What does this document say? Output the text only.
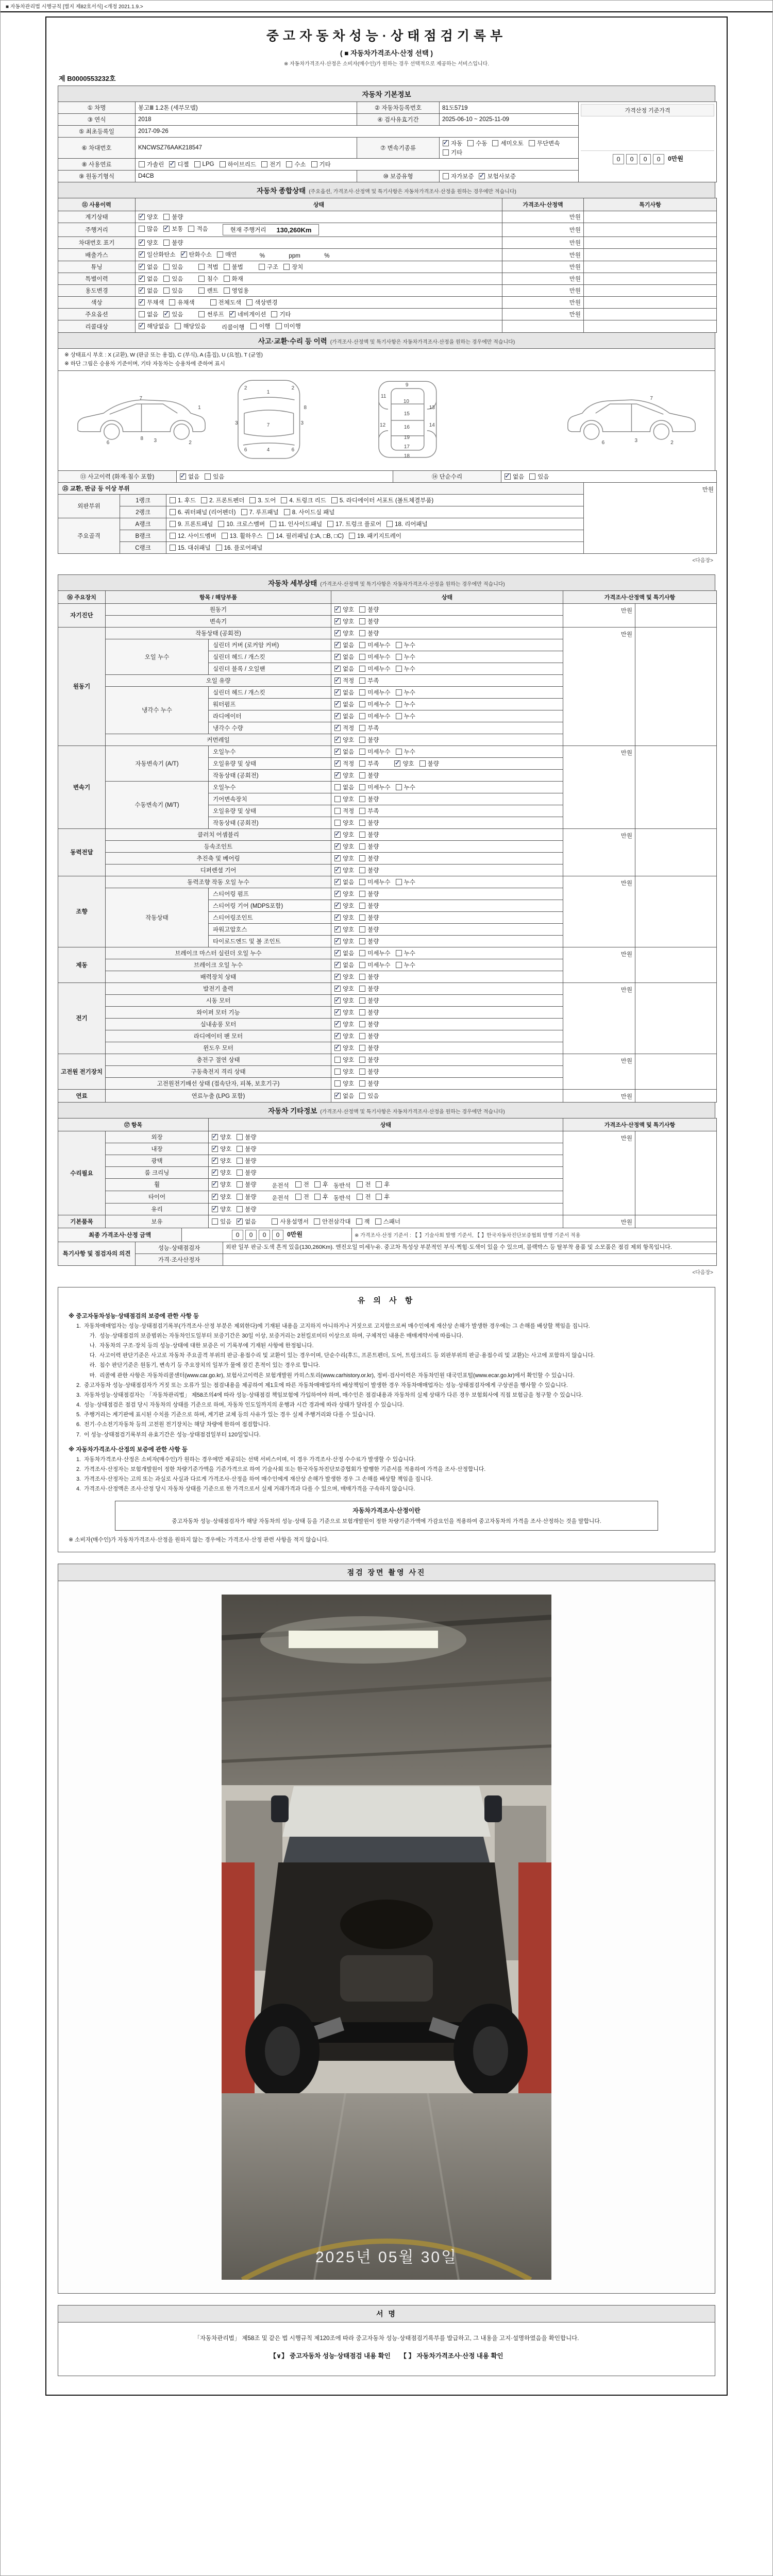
■ 자동차관리법 시행규칙 [별지 제82호서식] <개정 2021.1.9.>
중고자동차성능·상태점검기록부
( ■ 자동차가격조사·산정 선택 )
※ 자동차가격조사·산정은 소비자(매수인)가 원하는 경우 선택적으로 제공하는 서비스입니다.
제 B0000553232호
자동차 기본정보
① 차명	봉고Ⅲ 1.2톤 (세부모델)	② 자동차등록번호	81도5719	가격산정 기준가격
0 0 0 0 0만원

③ 연식	2018	④ 검사유효기간	2025-06-10 ~ 2025-11-09	
⑤ 최초등록일	2017-09-26			
⑥ 차대번호	KNCWSZ76AAK218547	⑦ 변속기종류	
✓
자동 수동 세미오토 무단변속
기타

⑧ 사용연료	가솔린 ✓ 디젤 LPG 하이브리드 전기 수소 기타

⑨ 원동기형식	D4CB	⑩ 보증유형	자가보증 ✓ 보험사보증
자동차 종합상태 (주요옵션, 가격조사·산정액 및 특기사항은 자동차가격조사·산정을 원하는 경우에만 적습니다)
⑪ 사용이력	상태	가격조사·산정액	특기사항
계기상태	
✓양호 불량	만원	
주행거리	많음 ✓ 보통 적음 현재 주행거리 130,260Km	만원	
차대번호 표기	
✓양호 불량	만원	
배출가스	
✓일산화탄소 ✓ 탄화수소 매연 　　　%　　　ppm　　　%	만원	
튜닝	
✓없음 있음	적법 불법	구조 장치	만원	
특별이력	
✓없음 있음 침수 화재	만원	
용도변경	
✓없음 있음 렌트 영업용	만원	
색상	
✓무채색 유채색 전체도색 색상변경	만원	
주요옵션	없음 ✓ 있음 썬루프 ✓ 네비게이션 기타	만원	
리콜대상	
✓해당없음 해당있음 리콜이행 이행 미이행

사고·교환·수리 등 이력 (가격조사·산정액 및 특기사항은 자동차가격조사·산정을 원하는 경우에만 적습니다)
※ 상태표시 부호 : X (교환), W (판금 또는 용접), C (부식), A (흠집), U (요철), T (균열)
※ 하단 그림은 승용차 기준이며, 기타 자동차는 승용차에 준하여 표시
1
2
3
7
6
8
1
2	2
3	3
7
4
6	6
8
9
10
11
15
16
19
17
18
12
13
14
6	3	2
7
⑬ 사고이력 (화재·침수 포함)	
✓없음 있음	⑭ 단순수리	
✓없음 있음
⑮ 교환, 판금 등 이상 부위			만원
외판부위	1랭크	1. 후드 2. 프론트펜더 3. 도어 4. 트렁크 리드 5. 라디에이터 서포트 (볼트체결부품)	

	2랭크	6. 쿼터패널 (리어펜더) 7. 루프패널 8. 사이드실 패널	

주요골격	A랭크	9. 프론트패널 10. 크로스멤버 11. 인사이드패널 17. 트렁크 플로어 18. 리어패널	

	B랭크	12. 사이드멤버 13. 휠하우스 14. 필러패널 (□A, □B, □C) 19. 패키지트레이	

	C랭크	15. 대쉬패널 16. 플로어패널	
<다음장>
자동차 세부상태 (가격조사·산정액 및 특기사항은 자동차가격조사·산정을 원하는 경우에만 적습니다)
⑯ 주요장치	항목 / 해당부품		상태	가격조사·산정액 및 특기사항	
자기진단	원동기	
✓양호 불량	만원	
	변속기	
✓양호 불량

원동기	작동상태 (공회전)	
✓양호 불량	만원	
	오일 누수	실린더 커버 (로커암 커버)	
✓없음 미세누수 누수

		실린더 헤드 / 개스킷	
✓없음 미세누수 누수

		실린더 블록 / 오일팬	
✓없음 미세누수 누수

	오일 유량	
✓적정 부족

	냉각수 누수	실린더 헤드 / 개스킷	
✓없음 미세누수 누수

		워터펌프	
✓없음 미세누수 누수

		라디에이터	
✓없음 미세누수 누수

		냉각수 수량	
✓적정 부족

	커먼레일	
✓양호 불량

변속기	자동변속기 (A/T)	오일누수	
✓없음 미세누수 누수	만원	
		오일유량 및 상태	
✓적정 부족 ✓ 양호 불량

		작동상태 (공회전)	
✓양호 불량

	수동변속기 (M/T)	오일누수	없음 미세누수 누수		

		기어변속장치	양호 불량		

		오일유량 및 상태	적정 부족		

		작동상태 (공회전)	양호 불량		

동력전달	클러치 어셈블리	
✓양호 불량	만원	
	등속조인트	
✓양호 불량

	추진축 및 베어링	
✓양호 불량

	디퍼렌셜 기어	
✓양호 불량

조향	동력조향 작동 오일 누수	
✓없음 미세누수 누수	만원	
	작동상태	스티어링 펌프	
✓양호 불량

		스티어링 기어 (MDPS포함)	
✓양호 불량

		스티어링조인트	
✓양호 불량

		파워고압호스	
✓양호 불량

		타이로드엔드 및 볼 조인트	
✓양호 불량

제동	브레이크 마스터 실린더 오일 누수	
✓없음 미세누수 누수	만원	
	브레이크 오일 누수	
✓없음 미세누수 누수

	배력장치 상태	
✓양호 불량

전기	발전기 출력	
✓양호 불량	만원	
	시동 모터	
✓양호 불량

	와이퍼 모터 기능	
✓양호 불량

	실내송풍 모터	
✓양호 불량

	라디에이터 팬 모터	
✓양호 불량

	윈도우 모터	
✓양호 불량

고전원 전기장치	충전구 절연 상태		양호 불량	만원	
	구동축전지 격리 상태		양호 불량		

	고전원전기배선 상태 (접속단자, 피복, 보호기구)		양호 불량		

연료	연료누출 (LPG 포함)	
✓없음 있음	만원	
자동차 기타정보 (가격조사·산정액 및 특기사항은 자동차가격조사·산정을 원하는 경우에만 적습니다)
⑰ 항목		상태	가격조사·산정액 및 특기사항	
수리필요	외장	
✓양호 불량	만원	
	내장	
✓양호 불량

	광택	
✓양호 불량

	룸 크리닝	
✓양호 불량

휠	
✓양호 불량	운전석 전 후 동반석 전 후

타이어	
✓양호 불량	운전석 전 후 동반석 전 후

	유리	
✓양호 불량

기본품목	보유	있음 ✓ 없음	사용설명서 안전삼각대 잭 스패너	만원	
최종 가격조사·산정 금액	0 0 0 0 0만원	※ 가격조사·산정 기준서 : 【 】기술사회 발행 기준서, 【 】한국자동차진단보증협회 발행 기준서 적용
특기사항 및 점검자의 의견	성능·상태점검자	외판 일부 판금·도색 흔적 있음(130,260Km). 엔진오일 미세누유. 중고차 특성상 부분적인 부식·찍힘·도색이 있을 수 있으며, 블랙박스 등 탈부착 용품 및 소모품은 점검 제외 항목입니다.
	가격·조사산정자	
<다음장>
유 의 사 항
※ 중고자동차성능·상태점검의 보증에 관한 사항 등
1. 자동차매매업자는 성능·상태점검기록부(가격조사·산정 부분은 제외한다)에 기재된 내용을 고지하지 아니하거나 거짓으로 고지함으로써 매수인에게 재산상 손해가 발생한 경우에는 그 손해를 배상할 책임을 집니다.
가. 성능·상태점검의 보증범위는 자동차인도일부터 보증기간은 30일 이상, 보증거리는 2천킬로미터 이상으로 하며, 구체적인 내용은 매매계약서에 따릅니다.
나. 자동차의 구조·장치 등의 성능·상태에 대한 보증은 이 기록부에 기재된 사항에 한정됩니다.
다. 사고이력 판단기준은 사고로 자동차 주요골격 부위의 판금·용접수리 및 교환이 있는 경우이며, 단순수리(후드, 프론트펜더, 도어, 트렁크리드 등 외판부위의 판금·용접수리 및 교환)는 사고에 포함하지 않습니다.
라. 침수 판단기준은 원동기, 변속기 등 주요장치의 일부가 물에 잠긴 흔적이 있는 경우로 합니다.
마. 리콜에 관한 사항은 자동차리콜센터(www.car.go.kr), 보험사고이력은 보험개발원 카히스토리(www.carhistory.or.kr), 정비·검사이력은 자동차민원 대국민포털(www.ecar.go.kr)에서 확인할 수 있습니다.
2. 중고자동차 성능·상태점검자가 거짓 또는 오류가 있는 점검내용을 제공하여 제1호에 따른 자동차매매업자의 배상책임이 발생한 경우 자동차매매업자는 성능·상태점검자에게 구상권을 행사할 수 있습니다.
3. 자동차성능·상태점검자는 「자동차관리법」 제58조의4에 따라 성능·상태점검 책임보험에 가입하여야 하며, 매수인은 점검내용과 자동차의 실제 상태가 다른 경우 보험회사에 직접 보험금을 청구할 수 있습니다.
4. 성능·상태점검은 점검 당시 자동차의 상태를 기준으로 하며, 자동차 인도일까지의 운행과 시간 경과에 따라 상태가 달라질 수 있습니다.
5. 주행거리는 계기판에 표시된 수치를 기준으로 하며, 계기판 교체 등의 사유가 있는 경우 실제 주행거리와 다를 수 있습니다.
6. 전기·수소전기자동차 등의 고전원 전기장치는 해당 차량에 한하여 점검합니다.
7. 이 성능·상태점검기록부의 유효기간은 성능·상태점검일부터 120일입니다.
※ 자동차가격조사·산정의 보증에 관한 사항 등
1. 자동차가격조사·산정은 소비자(매수인)가 원하는 경우에만 제공되는 선택 서비스이며, 이 경우 가격조사·산정 수수료가 발생할 수 있습니다.
2. 가격조사·산정자는 보험개발원이 정한 차량기준가액을 기준가격으로 하여 기술사회 또는 한국자동차진단보증협회가 발행한 기준서를 적용하여 가격을 조사·산정합니다.
3. 가격조사·산정자는 고의 또는 과실로 사실과 다르게 가격조사·산정을 하여 매수인에게 재산상 손해가 발생한 경우 그 손해를 배상할 책임을 집니다.
4. 가격조사·산정액은 조사·산정 당시 자동차 상태를 기준으로 한 가격으로서 실제 거래가격과 다를 수 있으며, 매매가격을 구속하지 않습니다.
자동차가격조사·산정이란
중고자동차 성능·상태점검자가 해당 자동차의 성능·상태 등을 기준으로 보험개발원이 정한 차량기준가액에 가감요인을 적용하여 중고자동차의 가격을 조사·산정하는 것을 말합니다.
※ 소비자(매수인)가 자동차가격조사·산정을 원하지 않는 경우에는 가격조사·산정 관련 사항을 적지 않습니다.
점검 장면 촬영 사진
2025년 05월 30일
서 명
「자동차관리법」 제58조 및 같은 법 시행규칙 제120조에 따라 중고자동차 성능·상태점검기록부를 발급하고, 그 내용을 고지·설명하였음을 확인합니다.
【∨】 중고자동차 성능·상태점검 내용 확인　　【 】 자동차가격조사·산정 내용 확인
